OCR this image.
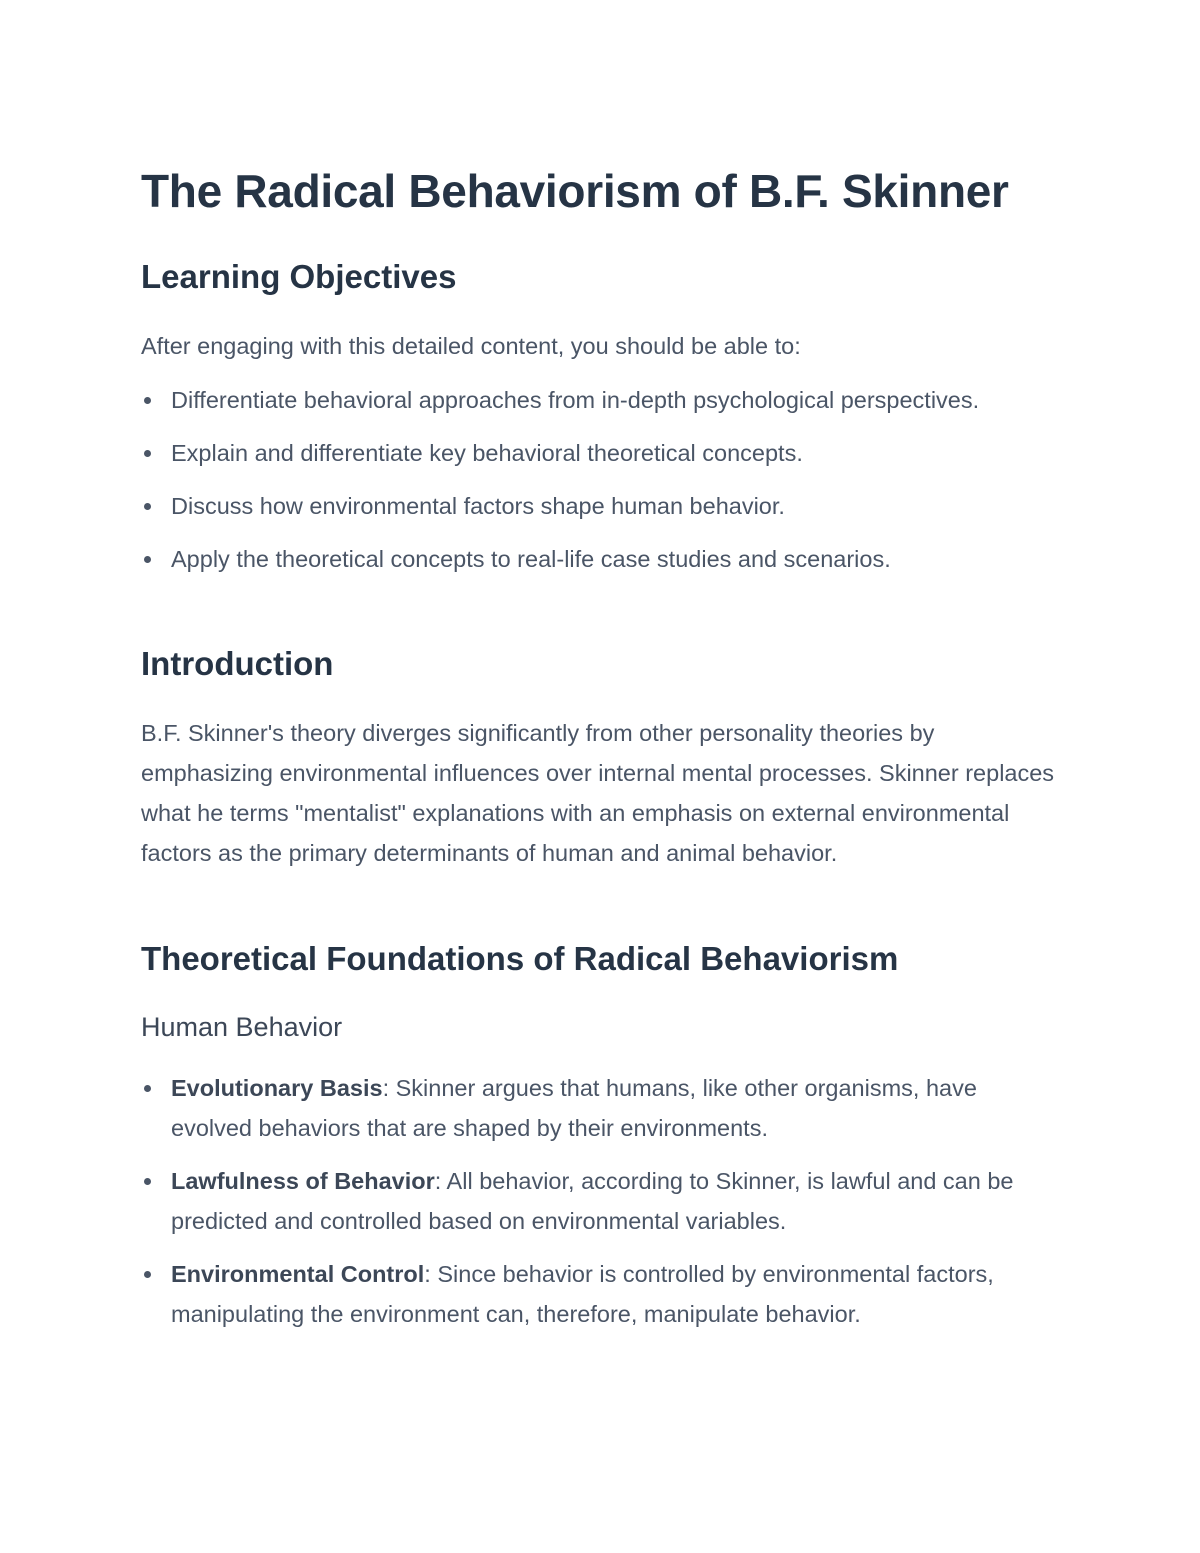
The Radical Behaviorism of B.F. Skinner
Learning Objectives

After engaging with this detailed content, you should be able to:

Differentiate behavioral approaches from in-depth psychological perspectives.
Explain and differentiate key behavioral theoretical concepts.
Discuss how environmental factors shape human behavior.
Apply the theoretical concepts to real-life case studies and scenarios.
Introduction

B.F. Skinner's theory diverges significantly from other personality theories by emphasizing environmental influences over internal mental processes. Skinner replaces what he terms "mentalist" explanations with an emphasis on external environmental factors as the primary determinants of human and animal behavior.

Theoretical Foundations of Radical Behaviorism
Human Behavior
Evolutionary Basis: Skinner argues that humans, like other organisms, have evolved behaviors that are shaped by their environments.
Lawfulness of Behavior: All behavior, according to Skinner, is lawful and can be predicted and controlled based on environmental variables.
Environmental Control: Since behavior is controlled by environmental factors, manipulating the environment can, therefore, manipulate behavior.
